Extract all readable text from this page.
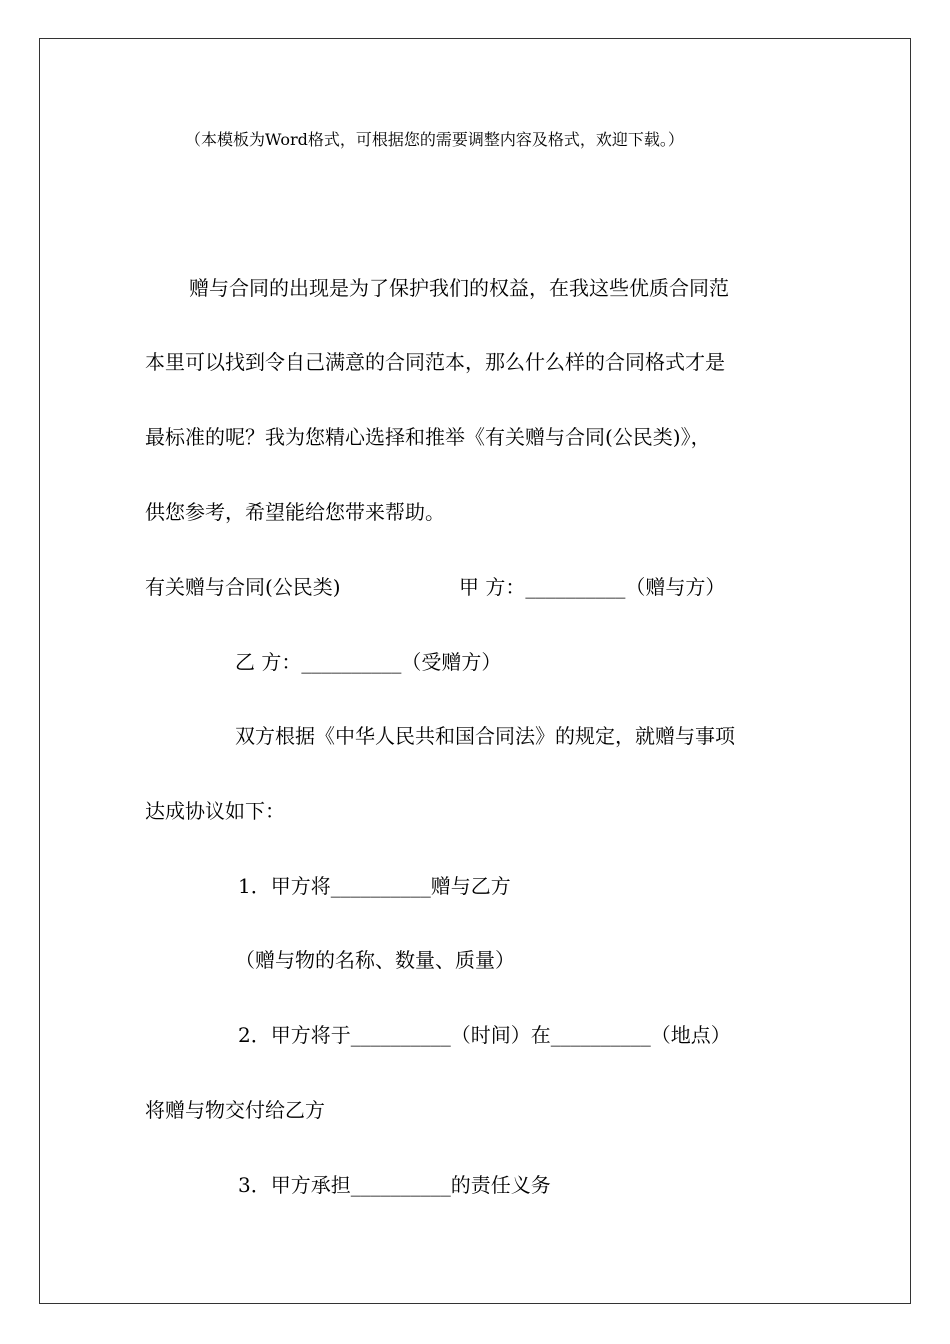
（本模板为Word格式，可根据您的需要调整内容及格式，欢迎下载。）
赠与合同的出现是为了保护我们的权益，在我这些优质合同范
本里可以找到令自己满意的合同范本，那么什么样的合同格式才是
最标准的呢？我为您精心选择和推举《有关赠与合同(公民类)》，
供您参考，希望能给您带来帮助。
有关赠与合同(公民类)	甲 方：__________（赠与方）
乙 方：__________（受赠方）
双方根据《中华人民共和国合同法》的规定，就赠与事项
达成协议如下：
1．甲方将__________赠与乙方
（赠与物的名称、数量、质量）
2．甲方将于__________（时间）在__________（地点）
将赠与物交付给乙方
3．甲方承担__________的责任义务
